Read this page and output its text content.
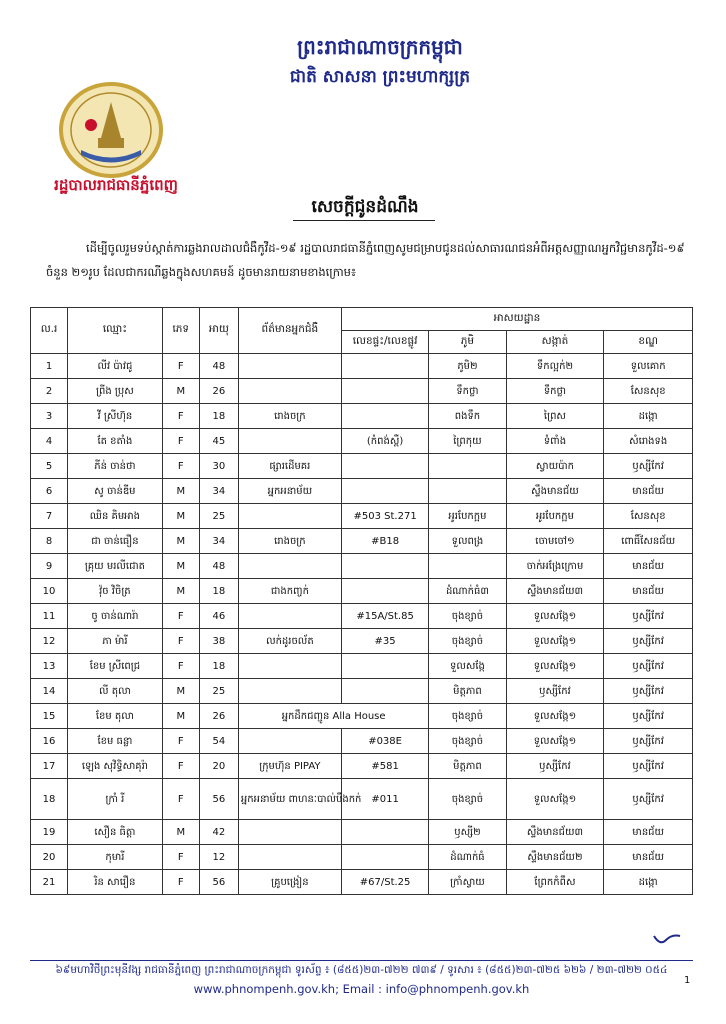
ព្រះរាជាណាចក្រកម្ពុជា
ជាតិ សាសនា ព្រះមហាក្សត្រ
រដ្ឋបាលរាជធានីភ្នំពេញ
សេចក្តីជូនដំណឹង
ដើម្បីចូលរួមទប់ស្កាត់ការឆ្លងរាលដាលជំងឺកូវីដ-១៩ រដ្ឋបាលរាជធានីភ្នំពេញសូមជម្រាបជូនដល់សាធារណជនអំពីអត្តសញ្ញាណអ្នកវិជ្ជមានកូវីដ-១៩ ចំនួន ២១រូប ដែលជាករណីឆ្លងក្នុងសហគមន៍ ដូចមានរាយនាមខាងក្រោម៖
ល.រ	ឈ្មោះ	ភេទ	អាយុ	ព័ត៌មានអ្នកជំងឺ	អាសយដ្ឋាន			
					លេខផ្ទះ/លេខផ្លូវ	ភូមិ	សង្កាត់	ខណ្ឌ
1	លីវ ប៉ាវជូ	F	48			ភូមិ២	ទឹកល្អក់២	ទួលគោក
2	ព្រីង ប្រុស	M	26			ទឹកថ្លា	ទឹកថ្លា	សែនសុខ
3	វី ស្រីហ៊ុន	F	18	រោងចក្រ		ពងទឹក	ព្រៃស	ដង្កោ
4	តែ ខតាំង	F	45		(កំពង់ស្ពឺ)	ព្រៃកុយ	ទំពាំង	សំរោងទង
5	ភីន់ ចាន់ថា	F	30	ផ្សារដើមគរ			ស្វាយប៉ាក	ឫស្សីកែវ
6	សូ ចាន់ឌីម	M	34	អ្នកអនាម័យ			ស្ទឹងមានជ័យ	មានជ័យ
7	ឈិន គិមអាង	M	25		#503 St.271	អូរបែកក្អម	អូរបែកក្អម	សែនសុខ
8	ជា ចាន់ធឿន	M	34	រោងចក្រ	#B18	ទួលពង្រ	ចោមចៅ១	ពោធិ៍សែនជ័យ
9	គ្រុយ មរលីជោត	M	48				ចាក់អង្រែក្រោម	មានជ័យ
10	វ៉ុច វិចិត្រ	M	18	ជាងកញ្ចក់		ដំណាក់ធំ៣	ស្ទឹងមានជ័យ៣	មានជ័យ
11	ចូ ចាន់ណារ៉ា	F	46		#15A/St.85	ចុងខ្សាច់	ទួលសង្កែ១	ឫស្សីកែវ
12	ភា ម៉ារី	F	38	លក់ដូរចល័ត	#35	ចុងខ្សាច់	ទួលសង្កែ១	ឫស្សីកែវ
13	ខែម ស្រីពេជ្រ	F	18			ទួលសង្កែ	ទួលសង្កែ១	ឫស្សីកែវ
14	លី តុលា	M	25			មិត្តភាព	ឫស្សីកែវ	ឫស្សីកែវ
15	ខែម តុលា	M	26	អ្នកដឹកជញ្ជូន Alla House		ចុងខ្សាច់	ទួលសង្កែ១	ឫស្សីកែវ
16	ខែម ធន្លា	F	54		#038E	ចុងខ្សាច់	ទួលសង្កែ១	ឫស្សីកែវ
17	ឡេង សុវិទ្ធិសាគុរ៉ា	F	20	ក្រុមហ៊ុន PIPAY	#581	មិត្តភាព	ឫស្សីកែវ	ឫស្សីកែវ
18	ក្រាំ រី	F	56	អ្នកអនាម័យ ពាហនៈបាល់បឹងកក់	#011	ចុងខ្សាច់	ទួលសង្កែ១	ឫស្សីកែវ
19	សឿន ធិត្តា	M	42			ឫស្សី២	ស្ទឹងមានជ័យ៣	មានជ័យ
20	កុមារី	F	12			ដំណាក់ធំ	ស្ទឹងមានជ័យ២	មានជ័យ
21	រិន សារឿន	F	56	គ្រូបង្រៀន	#67/St.25	ក្រាំស្វាយ	ព្រែកកំពឹស	ដង្កោ
៦៩មហាវិថីព្រះមុនីវង្ស រាជធានីភ្នំពេញ ព្រះរាជាណាចក្រកម្ពុជា ទូរស័ព្ទ ៖ (៨៥៥)២៣-៧២២ ៧៣៩ / ទូរសារ ៖ (៨៥៥)២៣-៧២៥ ៦២៦ / ២៣-៧២២ ០៥៤
www.phnompenh.gov.kh; Email : info@phnompenh.gov.kh
1
